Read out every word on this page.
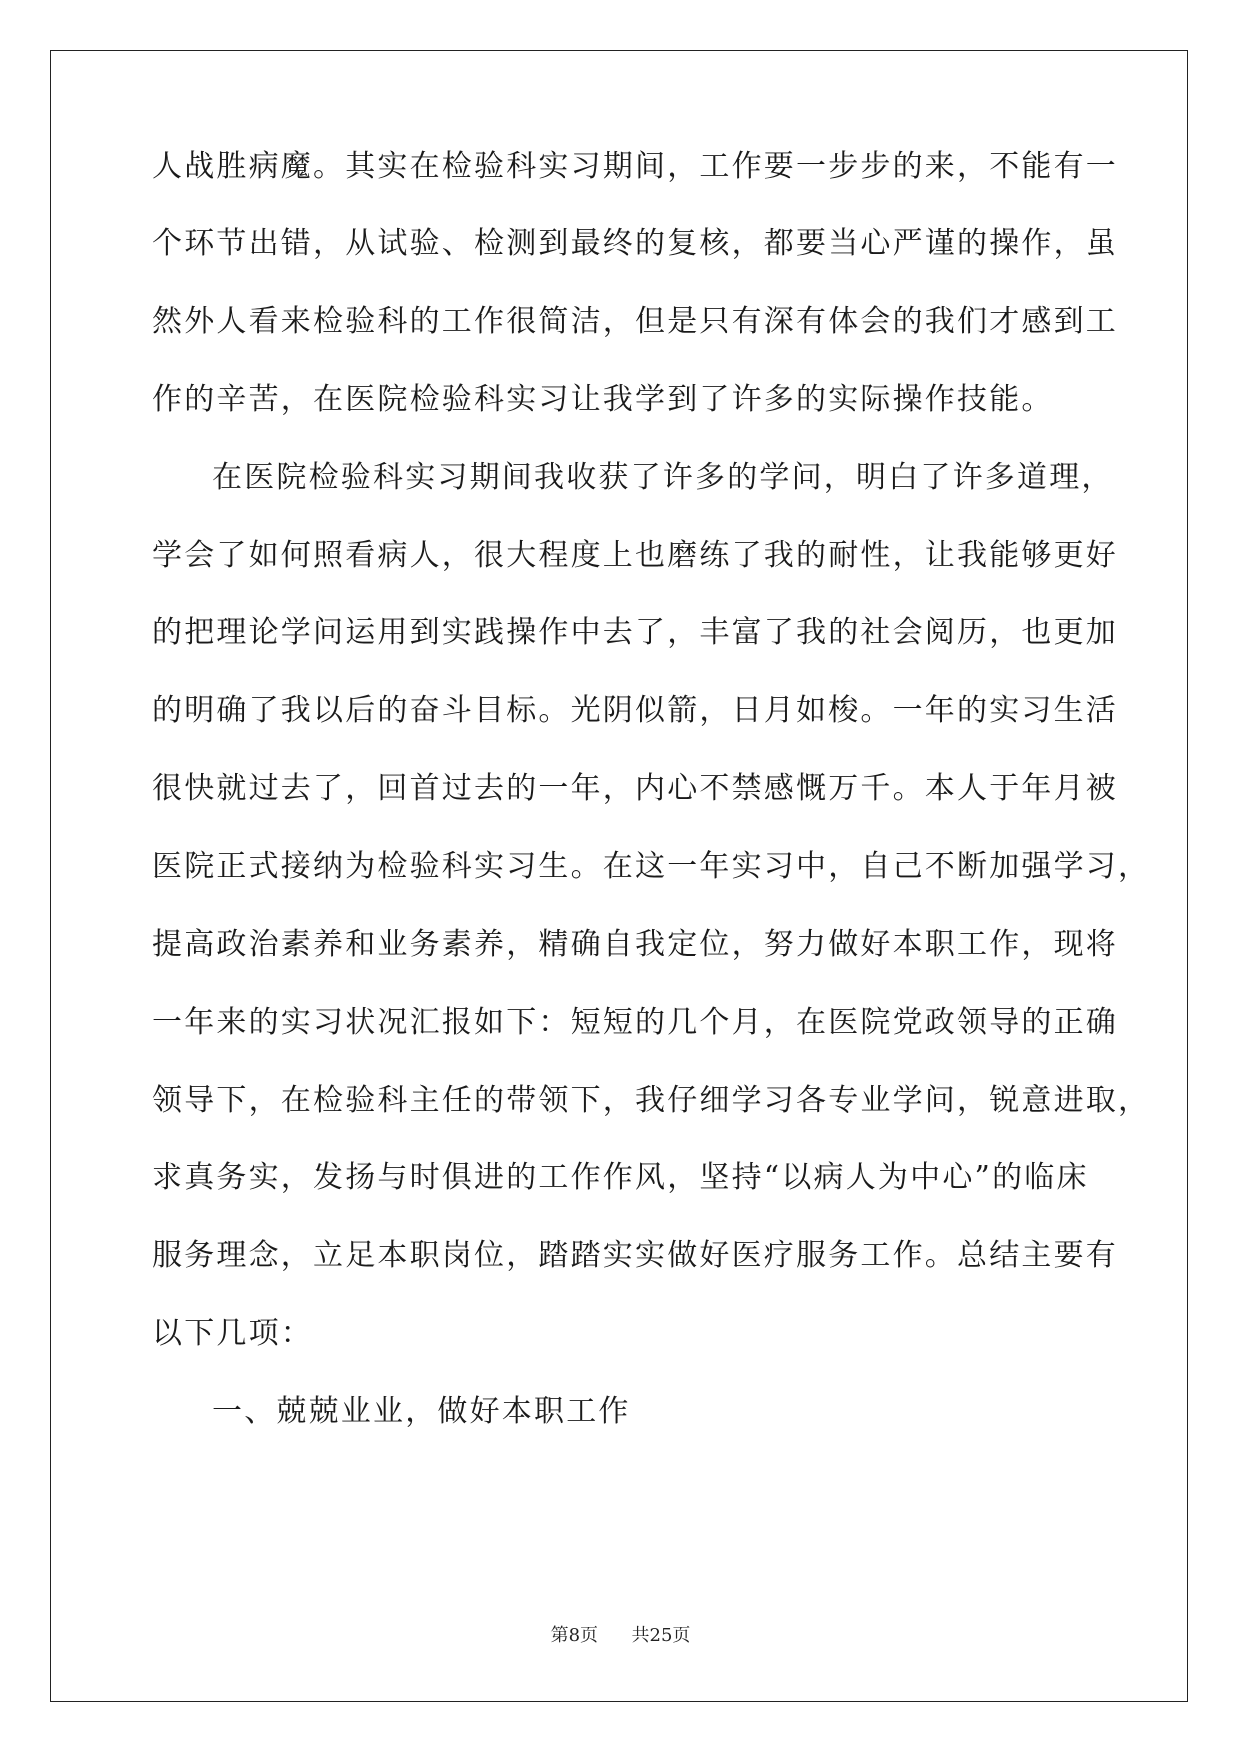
人战胜病魔。其实在检验科实习期间，工作要一步步的来，不能有一

个环节出错，从试验、检测到最终的复核，都要当心严谨的操作，虽

然外人看来检验科的工作很简洁，但是只有深有体会的我们才感到工

作的辛苦，在医院检验科实习让我学到了许多的实际操作技能。

在医院检验科实习期间我收获了许多的学问，明白了许多道理，

学会了如何照看病人，很大程度上也磨练了我的耐性，让我能够更好

的把理论学问运用到实践操作中去了，丰富了我的社会阅历，也更加

的明确了我以后的奋斗目标。光阴似箭，日月如梭。一年的实习生活

很快就过去了，回首过去的一年，内心不禁感慨万千。本人于年月被

医院正式接纳为检验科实习生。在这一年实习中，自己不断加强学习，

提高政治素养和业务素养，精确自我定位，努力做好本职工作，现将

一年来的实习状况汇报如下：短短的几个月，在医院党政领导的正确

领导下，在检验科主任的带领下，我仔细学习各专业学问，锐意进取，

求真务实，发扬与时俱进的工作作风，坚持“以病人为中心”的临床

服务理念，立足本职岗位，踏踏实实做好医疗服务工作。总结主要有

以下几项：

一、兢兢业业，做好本职工作

第8页 共25页
